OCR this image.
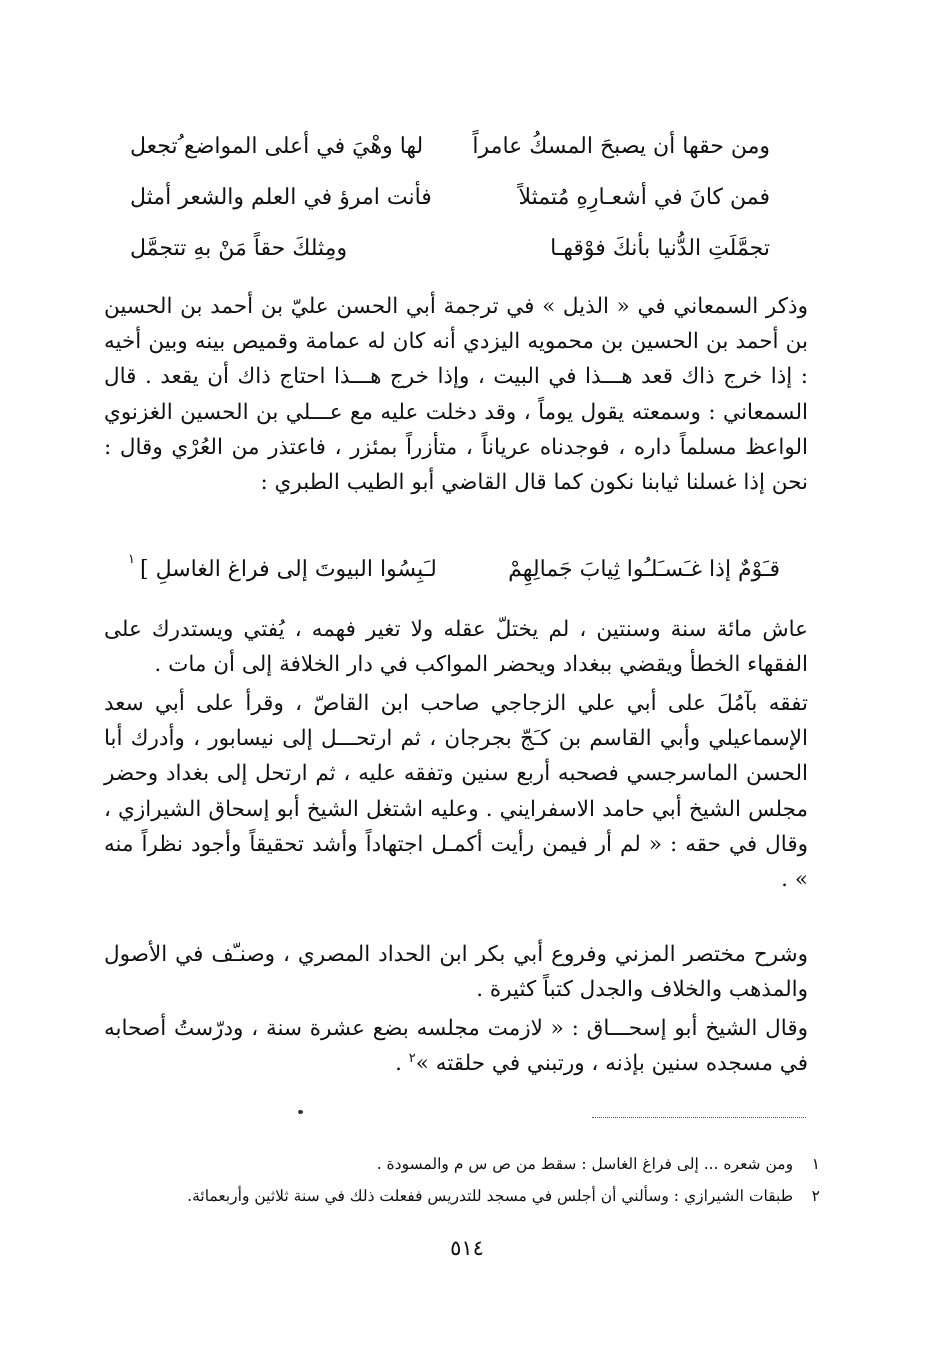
ومن حقها أن يصبحَ المسكُ عامراً
لها وهْيَ في أعلى المواضع ُتجعل
فمن كانَ في أشعـارِهِ مُتمثلاً
فأنت امرؤ في العلم والشعر أمثل
تجمَّلَتِ الدُّنيا بأنكَ فوْقهـا
ومِثلكَ حقاً مَنْ بهِ تتجمَّل
وذكر السمعاني في « الذيل » في ترجمة أبي الحسن عليّ بن أحمد بن الحسين بن أحمد بن الحسين بن محمويه اليزدي أنه كان له عمامة وقميص بينه وبين أخيه : إذا خرج ذاك قعد هـــذا في البيت ، وإذا خرج هـــذا احتاج ذاك أن يقعد . قال السمعاني : وسمعته يقول يوماً ، وقد دخلت عليه مع عـــلي بن الحسين الغزنوي الواعظ مسلماً داره ، فوجدناه عرياناً ، متأزراً بمئزر ، فاعتذر من العُرْي وقال : نحن إذا غسلنا ثيابنا نكون كما قال القاضي أبو الطيب الطبري :
قـَوْمٌ إذا غـَسـَلـُوا ثِيابَ جَمالِهِمْ
لـَبِسُوا البيوتَ إلى فراغ الغاسلِ ]
١
عاش مائة سنة وسنتين ، لم يختلّ عقله ولا تغير فهمه ، يُفتي ويستدرك على الفقهاء الخطأ ويقضي ببغداد ويحضر المواكب في دار الخلافة إلى أن مات .
تفقه بآمُلَ على أبي علي الزجاجي صاحب ابن القاصّ ، وقرأ على أبي سعد الإسماعيلي وأبي القاسم بن كـَجّ بجرجان ، ثم ارتحـــل إلى نيسابور ، وأدرك أبا الحسن الماسرجسي فصحبه أربع سنين وتفقه عليه ، ثم ارتحل إلى بغداد وحضر مجلس الشيخ أبي حامد الاسفرايني . وعليه اشتغل الشيخ أبو إسحاق الشيرازي ، وقال في حقه : « لم أر فيمن رأيت أكمـل اجتهاداً وأشد تحقيقاً وأجود نظراً منه » .
وشرح مختصر المزني وفروع أبي بكر ابن الحداد المصري ، وصنـّف في الأصول والمذهب والخلاف والجدل كتباً كثيرة .
وقال الشيخ أبو إسحـــاق : « لازمت مجلسه بضع عشرة سنة ، ودرّستُ أصحابه في مسجده سنين بإذنه ، ورتبني في حلقته »$^٢$ .
١ ومن شعره ... إلى فراغ الغاسل : سقط من ص س م والمسودة .
٢ طبقات الشيرازي : وسألني أن أجلس في مسجد للتدريس ففعلت ذلك في سنة ثلاثين وأربعمائة.
٥١٤
